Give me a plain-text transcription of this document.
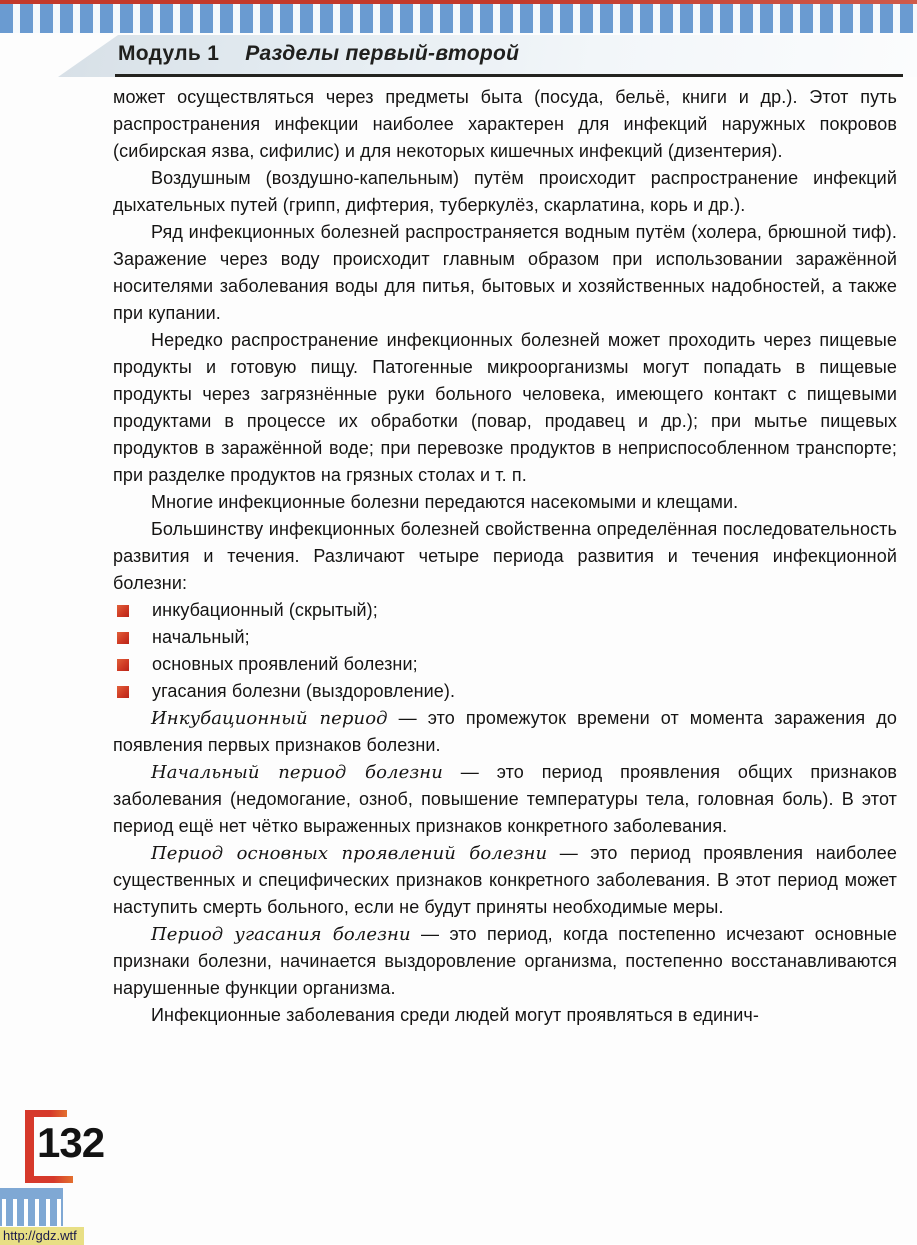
Модуль 1 Разделы первый-второй

может осуществляться через предметы быта (посуда, бельё, книги и др.). Этот путь распространения инфекции наиболее характерен для инфекций наружных покровов (сибирская язва, сифилис) и для некоторых кишечных инфекций (дизентерия).

Воздушным (воздушно-капельным) путём происходит распространение инфекций дыхательных путей (грипп, дифтерия, туберкулёз, скарлатина, корь и др.).

Ряд инфекционных болезней распространяется водным путём (холера, брюшной тиф). Заражение через воду происходит главным образом при использовании заражённой носителями заболевания воды для питья, бытовых и хозяйственных надобностей, а также при купании.

Нередко распространение инфекционных болезней может проходить через пищевые продукты и готовую пищу. Патогенные микроорганизмы могут попадать в пищевые продукты через загрязнённые руки больного человека, имеющего контакт с пищевыми продуктами в процессе их обработки (повар, продавец и др.); при мытье пищевых продуктов в заражённой воде; при перевозке продуктов в неприспособленном транспорте; при разделке продуктов на грязных столах и т. п.

Многие инфекционные болезни передаются насекомыми и клещами.

Большинству инфекционных болезней свойственна определённая последовательность развития и течения. Различают четыре периода развития и течения инфекционной болезни:

инкубационный (скрытый);
начальный;
основных проявлений болезни;
угасания болезни (выздоровление).

Инкубационный период — это промежуток времени от момента заражения до появления первых признаков болезни.

Начальный период болезни — это период проявления общих признаков заболевания (недомогание, озноб, повышение температуры тела, головная боль). В этот период ещё нет чётко выраженных признаков конкретного заболевания.

Период основных проявлений болезни — это период проявления наиболее существенных и специфических признаков конкретного заболевания. В этот период может наступить смерть больного, если не будут приняты необходимые меры.

Период угасания болезни — это период, когда постепенно исчезают основные признаки болезни, начинается выздоровление организма, постепенно восстанавливаются нарушенные функции организма.

Инфекционные заболевания среди людей могут проявляться в единич-

132
http://gdz.wtf
